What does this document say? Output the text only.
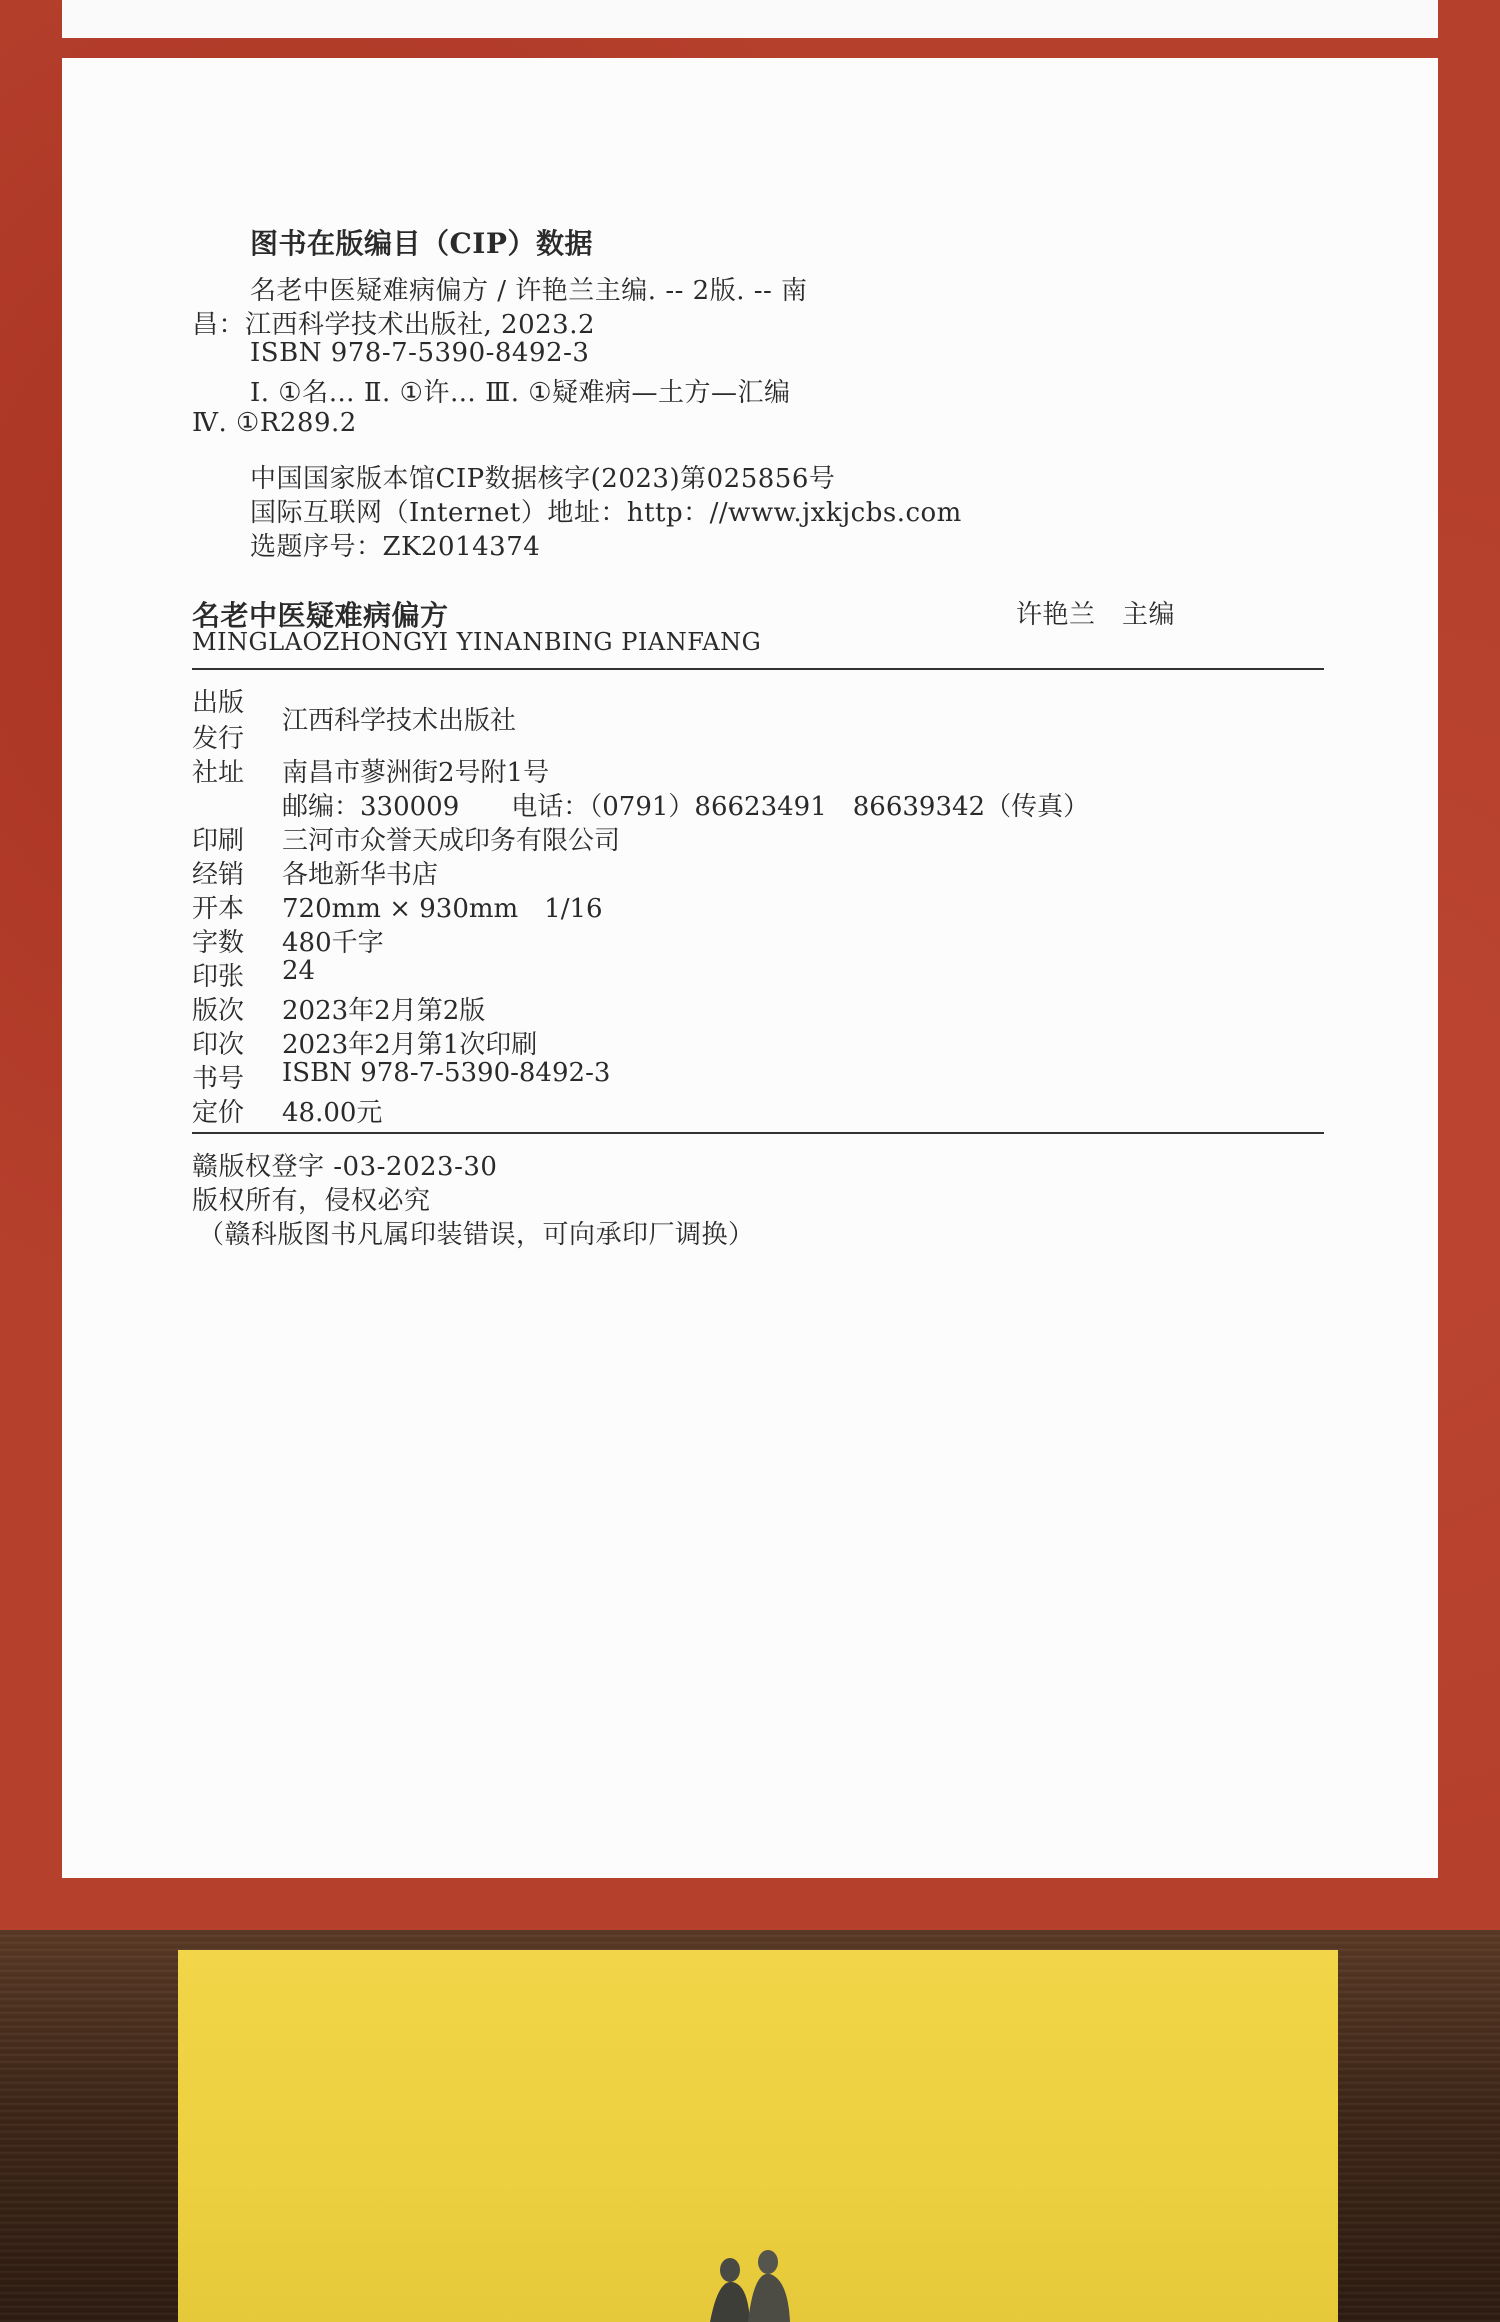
图书在版编目（CIP）数据
名老中医疑难病偏方 / 许艳兰主编. -- 2版. -- 南
昌：江西科学技术出版社, 2023.2
ISBN 978-7-5390-8492-3
Ⅰ. ①名… Ⅱ. ①许… Ⅲ. ①疑难病—土方—汇编
Ⅳ. ①R289.2
中国国家版本馆CIP数据核字(2023)第025856号
国际互联网（Internet）地址：http：//www.jxkjcbs.com
选题序号：ZK2014374
名老中医疑难病偏方	许艳兰　主编
MINGLAOZHONGYI YINANBING PIANFANG
出版
发行
江西科学技术出版社
社址 南昌市蓼洲街2号附1号
邮编：330009　　电话：（0791）86623491　86639342（传真）
印刷 三河市众誉天成印务有限公司
经销 各地新华书店
开本 720mm × 930mm　1/16
字数 480千字
印张 24
版次 2023年2月第2版
印次 2023年2月第1次印刷
书号 ISBN 978-7-5390-8492-3
定价 48.00元
赣版权登字 -03-2023-30
版权所有，侵权必究
（赣科版图书凡属印装错误，可向承印厂调换）
